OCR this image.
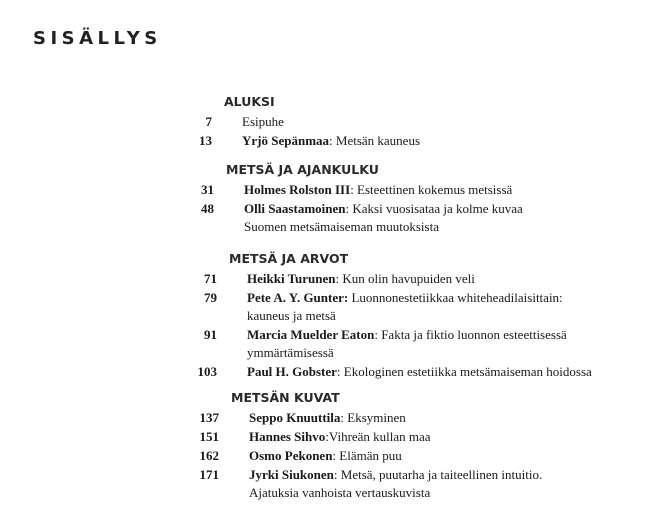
SISÄLLYS
ALUKSI
7 Esipuhe
13 Yrjö Sepänmaa: Metsän kauneus
METSÄ JA AJANKULKU
31 Holmes Rolston III: Esteettinen kokemus metsissä
48 Olli Saastamoinen: Kaksi vuosisataa ja kolme kuvaa
Suomen metsämaiseman muutoksista
METSÄ JA ARVOT
71 Heikki Turunen: Kun olin havupuiden veli
79 Pete A. Y. Gunter: Luonnonestetiikkaa whiteheadilaisittain:
kauneus ja metsä
91 Marcia Muelder Eaton: Fakta ja fiktio luonnon esteettisessä
ymmärtämisessä
103 Paul H. Gobster: Ekologinen estetiikka metsämaiseman hoidossa
METSÄN KUVAT
137 Seppo Knuuttila: Eksyminen
151 Hannes Sihvo:Vihreän kullan maa
162 Osmo Pekonen: Elämän puu
171 Jyrki Siukonen: Metsä, puutarha ja taiteellinen intuitio.
Ajatuksia vanhoista vertauskuvista
